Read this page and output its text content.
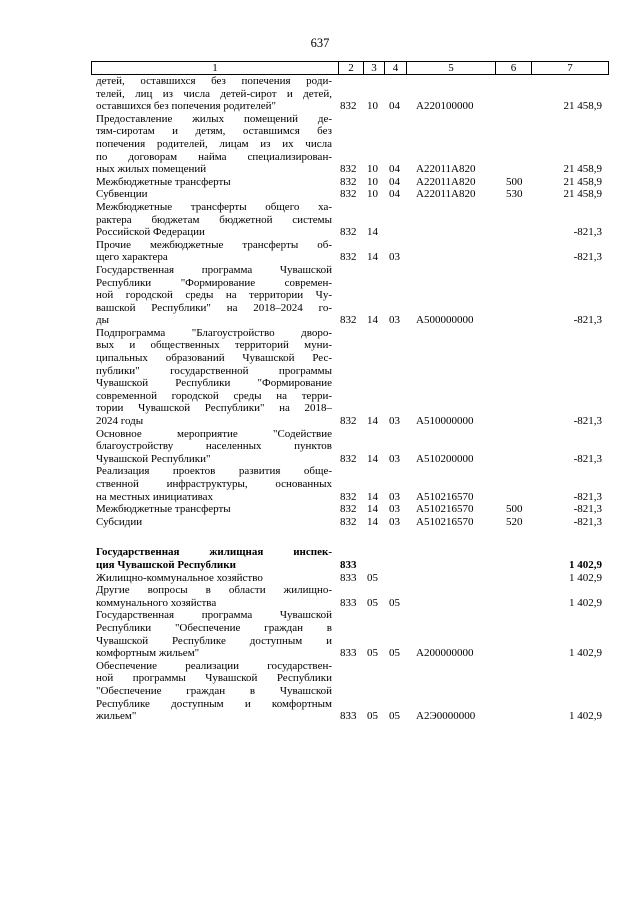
637
1	2	3	4	5	6	7
детей, оставшихся без попечения роди-
телей, лиц из числа детей-сирот и детей,
оставшихся без попечения родителей"	832 10 04 А220100000	21 458,9
Предоставление жилых помещений де-
тям-сиротам и детям, оставшимся без
попечения родителей, лицам из их числа
по договорам найма специализирован-
ных жилых помещений	832 10 04 А22011А820	21 458,9
Межбюджетные трансферты	832 10 04 А22011А820	500	21 458,9
Субвенции	832 10 04 А22011А820	530	21 458,9
Межбюджетные трансферты общего ха-
рактера бюджетам бюджетной системы
Российской Федерации	832 14	-821,3
Прочие межбюджетные трансферты об-
щего характера	832 14 03	-821,3
Государственная программа Чувашской
Республики "Формирование современ-
ной городской среды на территории Чу-
вашской Республики" на 2018–2024 го-
ды	832 14 03 А500000000	-821,3
Подпрограмма "Благоустройство дворо-
вых и общественных территорий муни-
ципальных образований Чувашской Рес-
публики" государственной программы
Чувашской Республики "Формирование
современной городской среды на терри-
тории Чувашской Республики" на 2018–
2024 годы	832 14 03 А510000000	-821,3
Основное мероприятие "Содействие
благоустройству населенных пунктов
Чувашской Республики"	832 14 03 А510200000	-821,3
Реализация проектов развития обще-
ственной инфраструктуры, основанных
на местных инициативах	832 14 03 А510216570	-821,3
Межбюджетные трансферты	832 14 03 А510216570	500	-821,3
Субсидии	832 14 03 А510216570	520	-821,3
Государственная жилищная инспек-
ция Чувашской Республики	833	1 402,9
Жилищно-коммунальное хозяйство	833 05	1 402,9
Другие вопросы в области жилищно-
коммунального хозяйства	833 05 05	1 402,9
Государственная программа Чувашской
Республики "Обеспечение граждан в
Чувашской Республике доступным и
комфортным жильем"	833 05 05 А200000000	1 402,9
Обеспечение реализации государствен-
ной программы Чувашской Республики
"Обеспечение граждан в Чувашской
Республике доступным и комфортным
жильем"	833 05 05 А2Э0000000	1 402,9
